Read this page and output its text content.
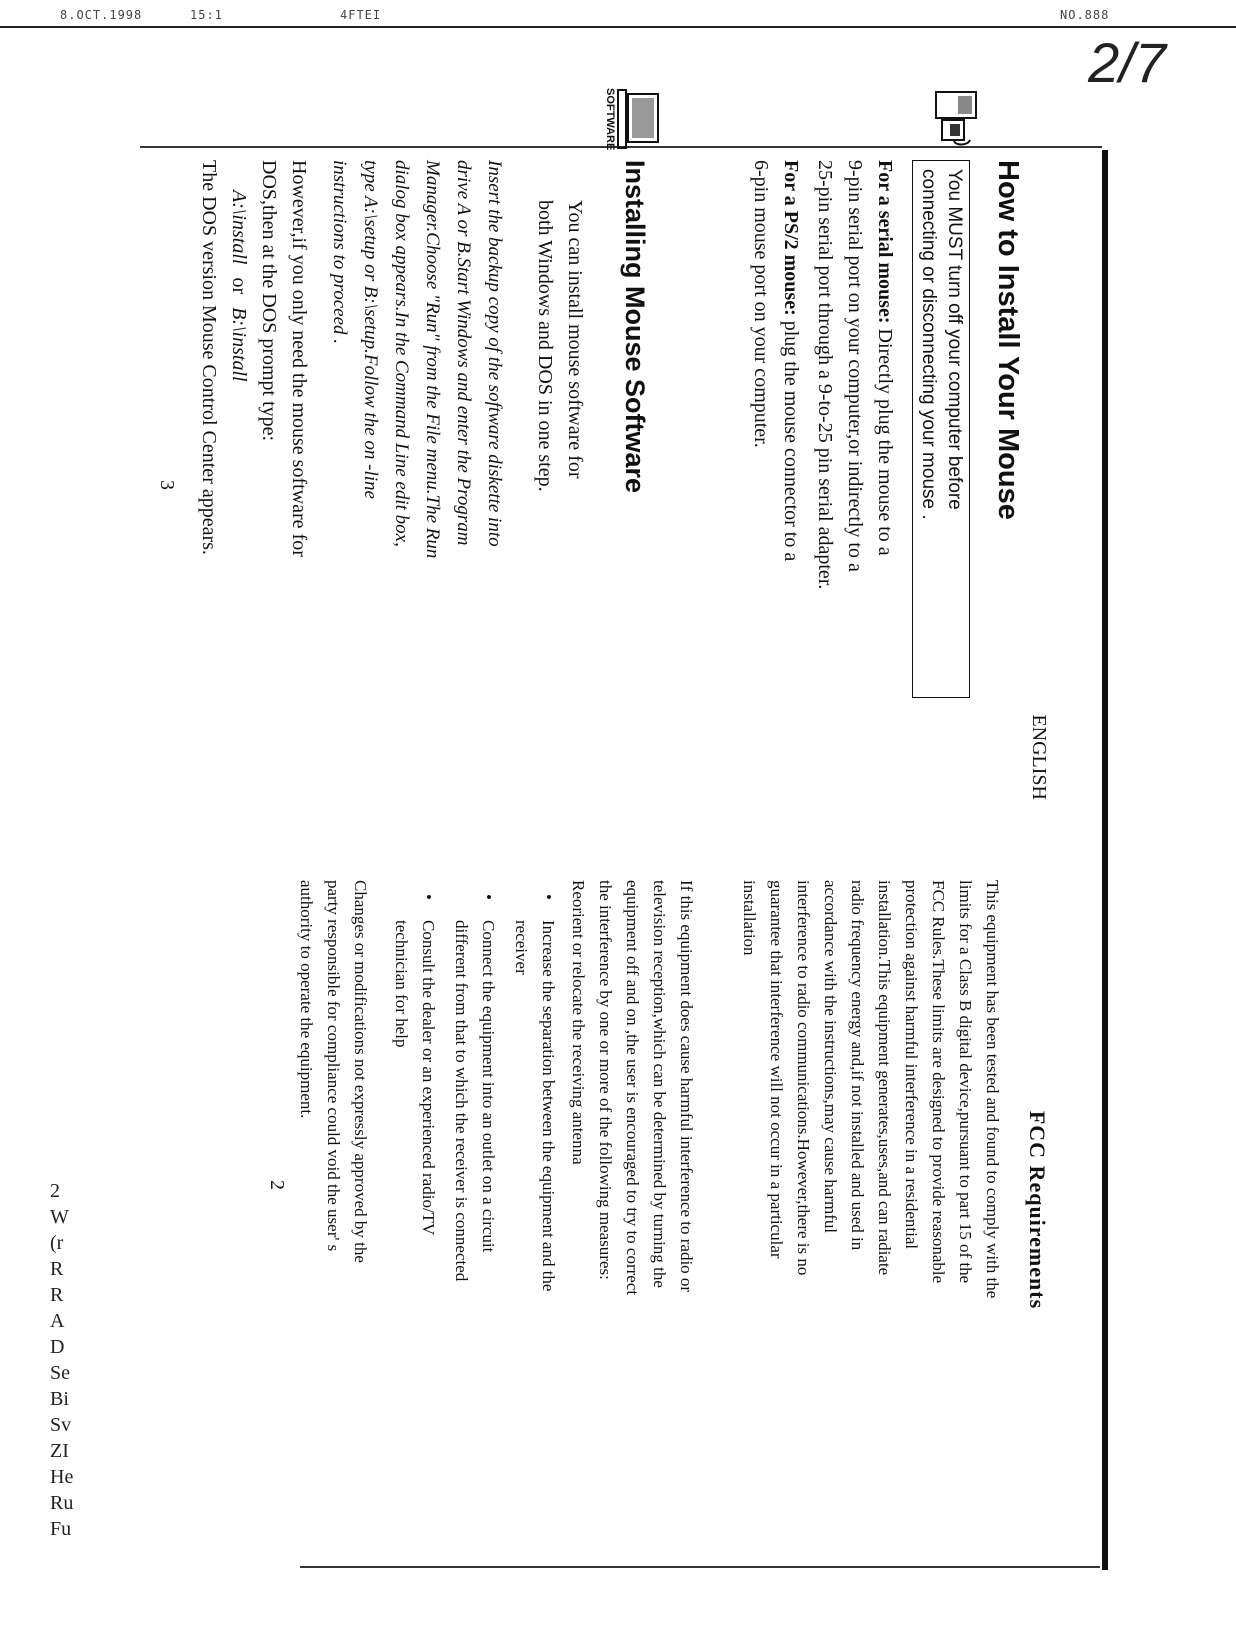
8.OCT.1998	15:1	4FTEI	NO.888
2/7
2
W
(r
R
R
A
D
Se
Bi
Sv
ZI
He
Ru
Fu
ENGLISH
How to Install Your Mouse
You MUST turn off your computer before
connecting or disconnecting your mouse .
For a serial mouse: Directly plug the mouse to a
9-pin serial port on your computer,or indirectly to a
25-pin serial port through a 9-to-25 pin serial adapter.
For a PS/2 mouse: plug the mouse connector to a
6-pin mouse port on your computer.
SOFTWARE
Installing Mouse Software
You can install mouse software for
both Windows and DOS in one step.
Insert the backup copy of the software diskette into
drive A or B.Start Windows and enter the Program
Manager.Choose "Run" from the File menu.The Run
dialog box appears.In the Command Line edit box,
type A:\setup or B:\setup.Follow the on -line
instructions to proceed .
However,if you only need the mouse software for
DOS,then at the DOS prompt type:
A:\install or B:\install
The DOS version Mouse Control Center appears.
3
FCC Requirements
This equipment has been tested and found to comply with the
limits for a Class B digital device,pursuant to part 15 of the
FCC Rules.These limits are designed to provide reasonable
protection against harmful interference in a residential
installation.This equipment generates,uses,and can radiate
radio frequency energy and,if not installed and used in
accordance with the instructions,may cause harmful
interference to radio communications.However,there is no
guarantee that interference will not occur in a particular
installation
If this equipment does cause harmful interference to radio or
television reception,which can be determined by turning the
equipment off and on ,the user is encouraged to try to correct
the interference by one or more of the following measures:
Reorient or relocate the receiving antenna
•
Increase the separation between the equipment and the
receiver
•
Connect the equipment into an outlet on a circuit
different from that to which the receiver is connected
•
Consult the dealer or an experienced radio/TV
technician for help
Changes or modifications not expressly approved by the
party responsible for compliance could void the user' s
authority to operate the equipment.
2
